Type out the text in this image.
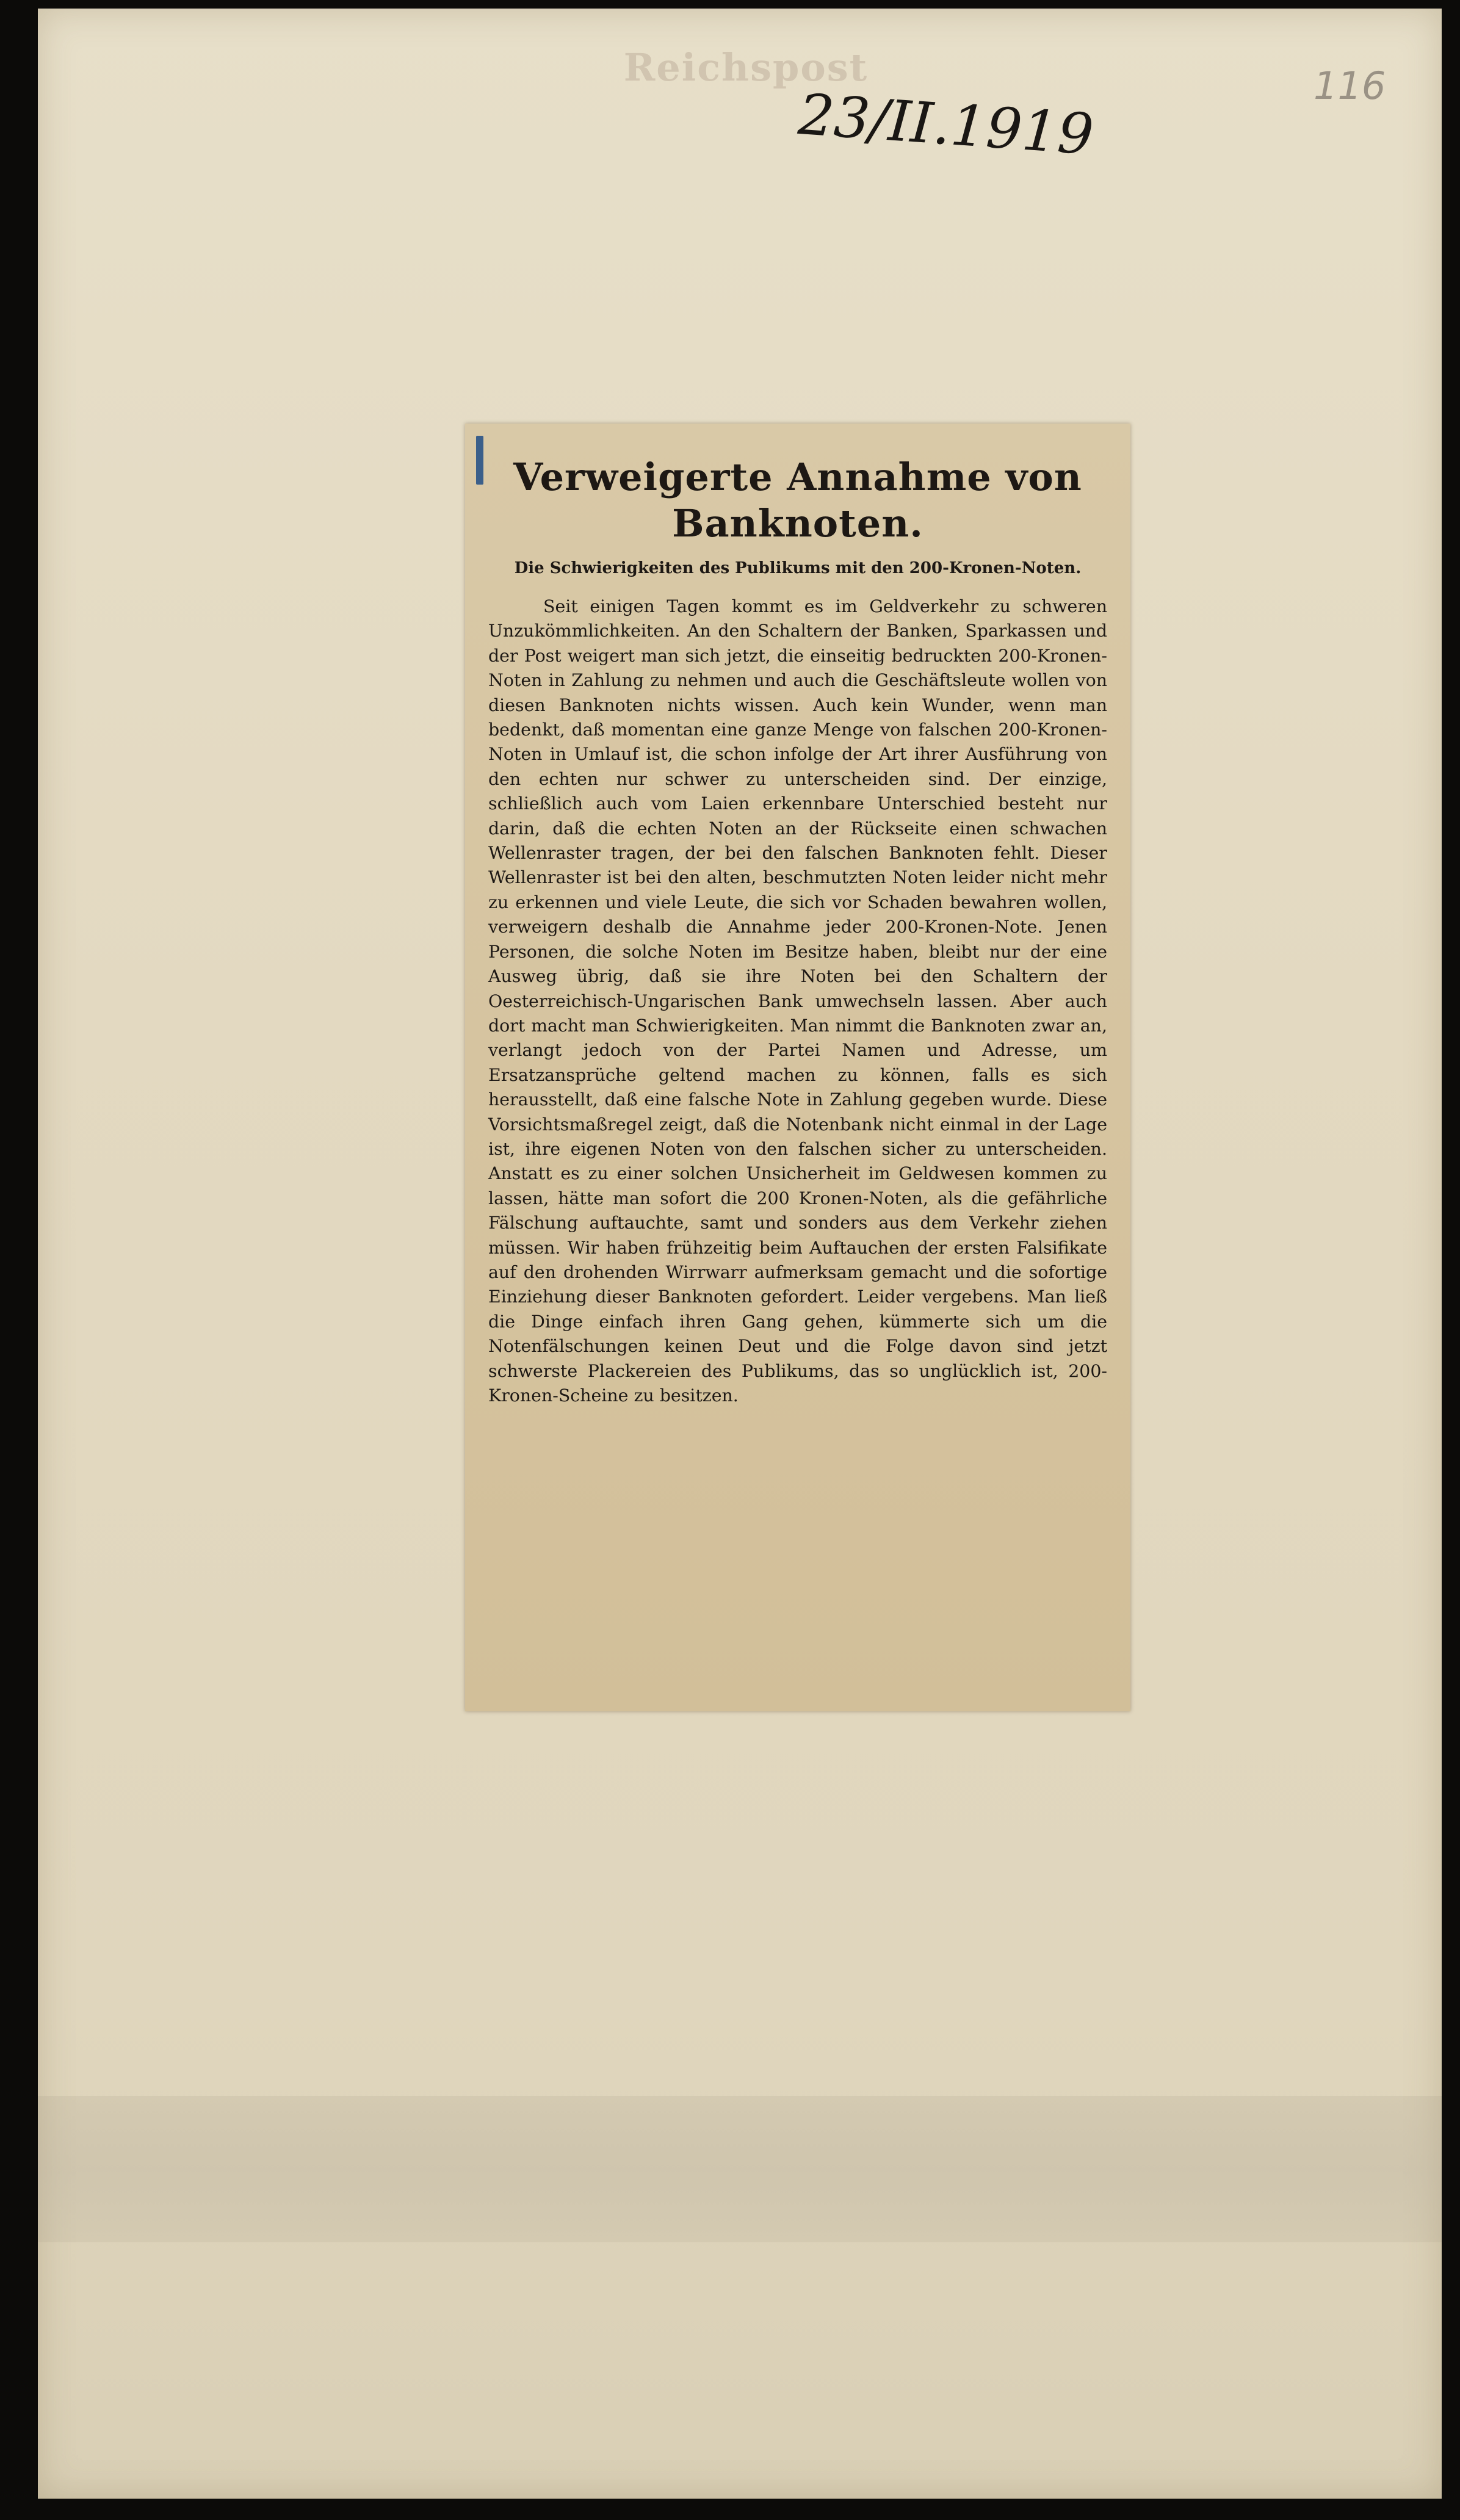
Reichspost
23/II.1919	116
Verweigerte Annahme von Banknoten.
Die Schwierigkeiten des Publikums mit den 200-Kronen-Noten.

Seit einigen Tagen kommt es im Geldverkehr zu schweren Unzukömmlichkeiten. An den Schaltern der Banken, Sparkassen und der Post weigert man sich jetzt, die einseitig bedruckten 200-Kronen-Noten in Zahlung zu nehmen und auch die Geschäftsleute wollen von diesen Banknoten nichts wissen. Auch kein Wunder, wenn man bedenkt, daß momentan eine ganze Menge von falschen 200-Kronen-Noten in Umlauf ist, die schon infolge der Art ihrer Ausführung von den echten nur schwer zu unterscheiden sind. Der einzige, schließlich auch vom Laien erkennbare Unterschied besteht nur darin, daß die echten Noten an der Rückseite einen schwachen Wellenraster tragen, der bei den falschen Banknoten fehlt. Dieser Wellenraster ist bei den alten, beschmutzten Noten leider nicht mehr zu erkennen und viele Leute, die sich vor Schaden bewahren wollen, verweigern deshalb die Annahme jeder 200-Kronen-Note. Jenen Personen, die solche Noten im Besitze haben, bleibt nur der eine Ausweg übrig, daß sie ihre Noten bei den Schaltern der Oesterreichisch-Ungarischen Bank umwechseln lassen. Aber auch dort macht man Schwierigkeiten. Man nimmt die Banknoten zwar an, verlangt jedoch von der Partei Namen und Adresse, um Ersatzansprüche geltend machen zu können, falls es sich herausstellt, daß eine falsche Note in Zahlung gegeben wurde. Diese Vorsichtsmaßregel zeigt, daß die Notenbank nicht einmal in der Lage ist, ihre eigenen Noten von den falschen sicher zu unterscheiden. Anstatt es zu einer solchen Unsicherheit im Geldwesen kommen zu lassen, hätte man sofort die 200 Kronen-Noten, als die gefährliche Fälschung auftauchte, samt und sonders aus dem Verkehr ziehen müssen. Wir haben frühzeitig beim Auftauchen der ersten Falsifikate auf den drohenden Wirrwarr aufmerksam gemacht und die sofortige Einziehung dieser Banknoten gefordert. Leider vergebens. Man ließ die Dinge einfach ihren Gang gehen, kümmerte sich um die Notenfälschungen keinen Deut und die Folge davon sind jetzt schwerste Plackereien des Publikums, das so unglücklich ist, 200-Kronen-Scheine zu besitzen.
